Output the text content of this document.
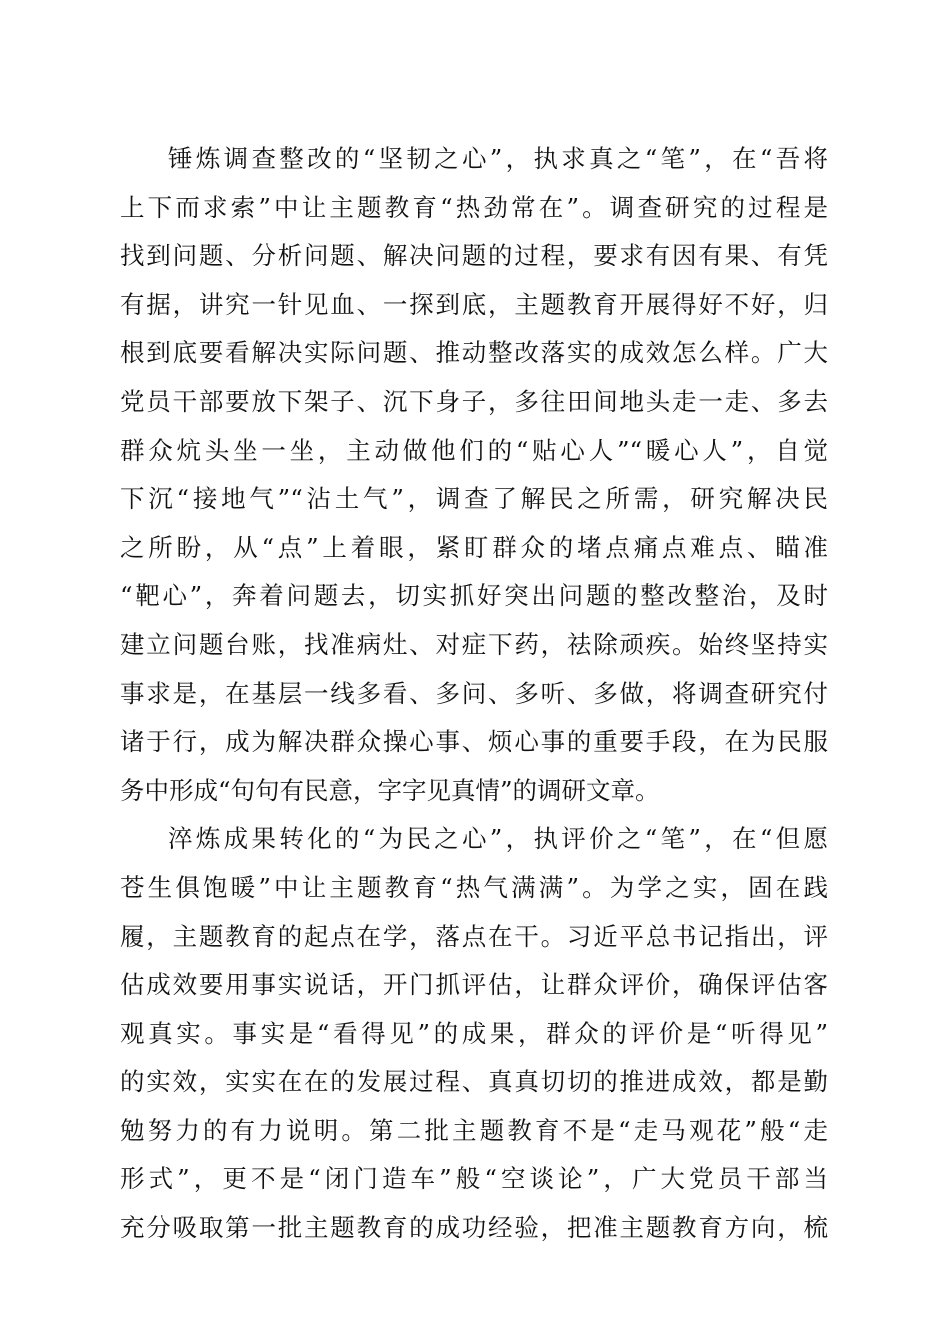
锤炼调查整改的“坚韧之心”，执求真之“笔”，在“吾将
上下而求索”中让主题教育“热劲常在”。调查研究的过程是
找到问题、分析问题、解决问题的过程，要求有因有果、有凭
有据，讲究一针见血、一探到底，主题教育开展得好不好，归
根到底要看解决实际问题、推动整改落实的成效怎么样。广大
党员干部要放下架子、沉下身子，多往田间地头走一走、多去
群众炕头坐一坐，主动做他们的“贴心人”“暖心人”，自觉
下沉“接地气”“沾土气”，调查了解民之所需，研究解决民
之所盼，从“点”上着眼，紧盯群众的堵点痛点难点、瞄准
“靶心”，奔着问题去，切实抓好突出问题的整改整治，及时
建立问题台账，找准病灶、对症下药，祛除顽疾。始终坚持实
事求是，在基层一线多看、多问、多听、多做，将调查研究付
诸于行，成为解决群众操心事、烦心事的重要手段，在为民服
务中形成“句句有民意，字字见真情”的调研文章。
淬炼成果转化的“为民之心”，执评价之“笔”，在“但愿
苍生俱饱暖”中让主题教育“热气满满”。为学之实，固在践
履，主题教育的起点在学，落点在干。习近平总书记指出，评
估成效要用事实说话，开门抓评估，让群众评价，确保评估客
观真实。事实是“看得见”的成果，群众的评价是“听得见”
的实效，实实在在的发展过程、真真切切的推进成效，都是勤
勉努力的有力说明。第二批主题教育不是“走马观花”般“走
形式”，更不是“闭门造车”般“空谈论”，广大党员干部当
充分吸取第一批主题教育的成功经验，把准主题教育方向，梳
